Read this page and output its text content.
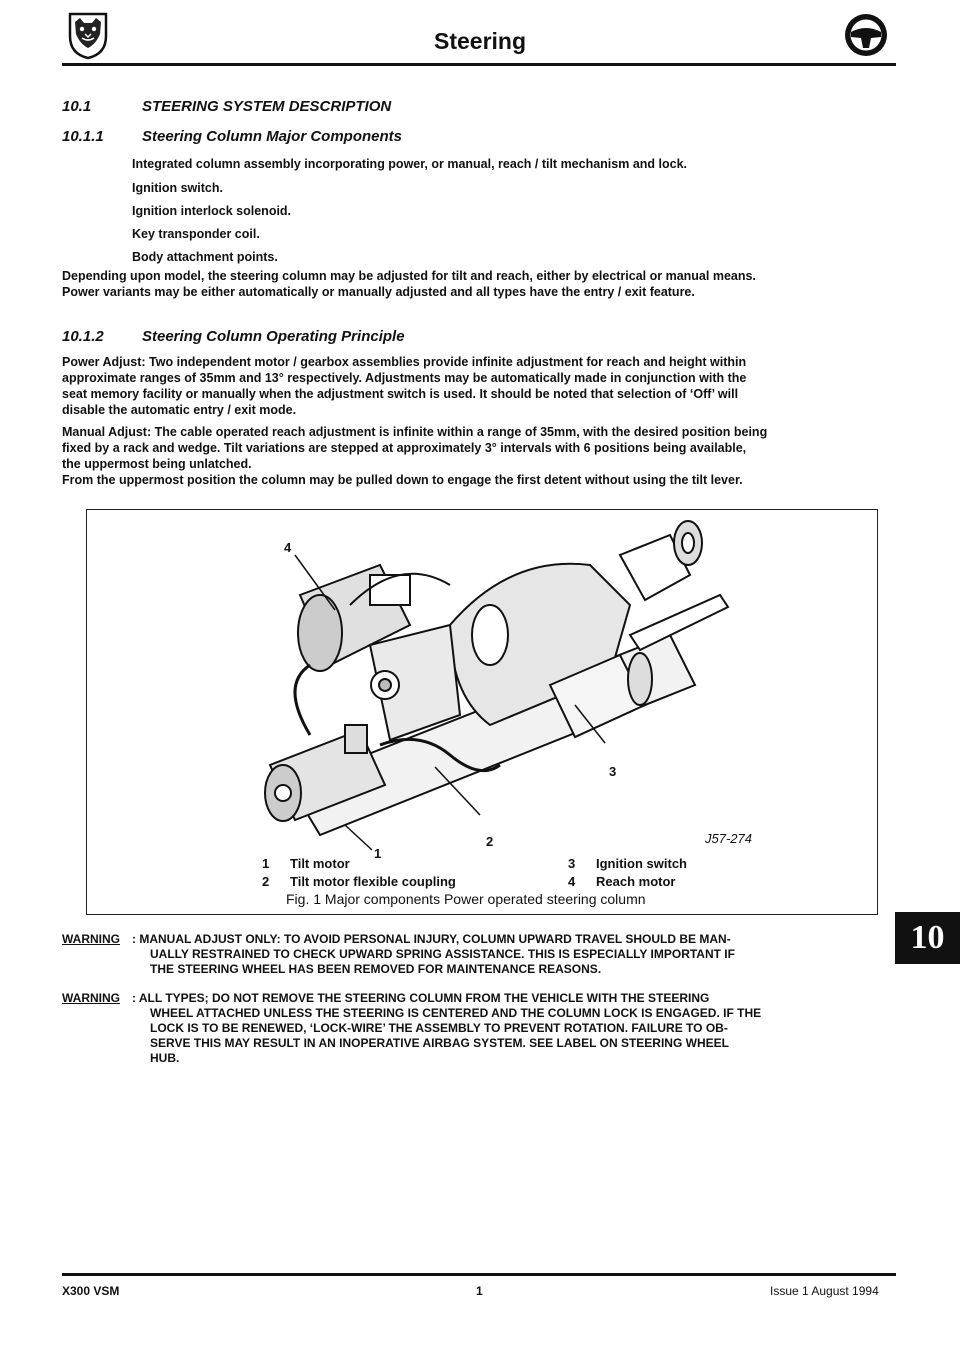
Steering
10.1	STEERING SYSTEM DESCRIPTION
10.1.1	Steering Column Major Components
Integrated column assembly incorporating power, or manual, reach / tilt mechanism and lock.
Ignition switch.
Ignition interlock solenoid.
Key transponder coil.
Body attachment points.
Depending upon model, the steering column may be adjusted for tilt and reach, either by electrical or manual means.
Power variants may be either automatically or manually adjusted and all types have the entry / exit feature.
10.1.2	Steering Column Operating Principle
Power Adjust: Two independent motor / gearbox assemblies provide infinite adjustment for reach and height within
approximate ranges of 35mm and 13° respectively. Adjustments may be automatically made in conjunction with the
seat memory facility or manually when the adjustment switch is used. It should be noted that selection of ‘Off’ will
disable the automatic entry / exit mode.
Manual Adjust: The cable operated reach adjustment is infinite within a range of 35mm, with the desired position being
fixed by a rack and wedge. Tilt variations are stepped at approximately 3° intervals with 6 positions being available,
the uppermost being unlatched.
From the uppermost position the column may be pulled down to engage the first detent without using the tilt lever.
4
2
3
1
J57-274
1 Tilt motor
2 Tilt motor flexible coupling
3 Ignition switch
4 Reach motor
Fig. 1 Major components Power operated steering column
WARNING : MANUAL ADJUST ONLY: TO AVOID PERSONAL INJURY, COLUMN UPWARD TRAVEL SHOULD BE MAN-
UALLY RESTRAINED TO CHECK UPWARD SPRING ASSISTANCE. THIS IS ESPECIALLY IMPORTANT IF
THE STEERING WHEEL HAS BEEN REMOVED FOR MAINTENANCE REASONS.
WARNING : ALL TYPES; DO NOT REMOVE THE STEERING COLUMN FROM THE VEHICLE WITH THE STEERING
WHEEL ATTACHED UNLESS THE STEERING IS CENTERED AND THE COLUMN LOCK IS ENGAGED. IF THE
LOCK IS TO BE RENEWED, ‘LOCK-WIRE’ THE ASSEMBLY TO PREVENT ROTATION. FAILURE TO OB-
SERVE THIS MAY RESULT IN AN INOPERATIVE AIRBAG SYSTEM. SEE LABEL ON STEERING WHEEL
HUB.
10
X300 VSM	1	Issue 1 August 1994
